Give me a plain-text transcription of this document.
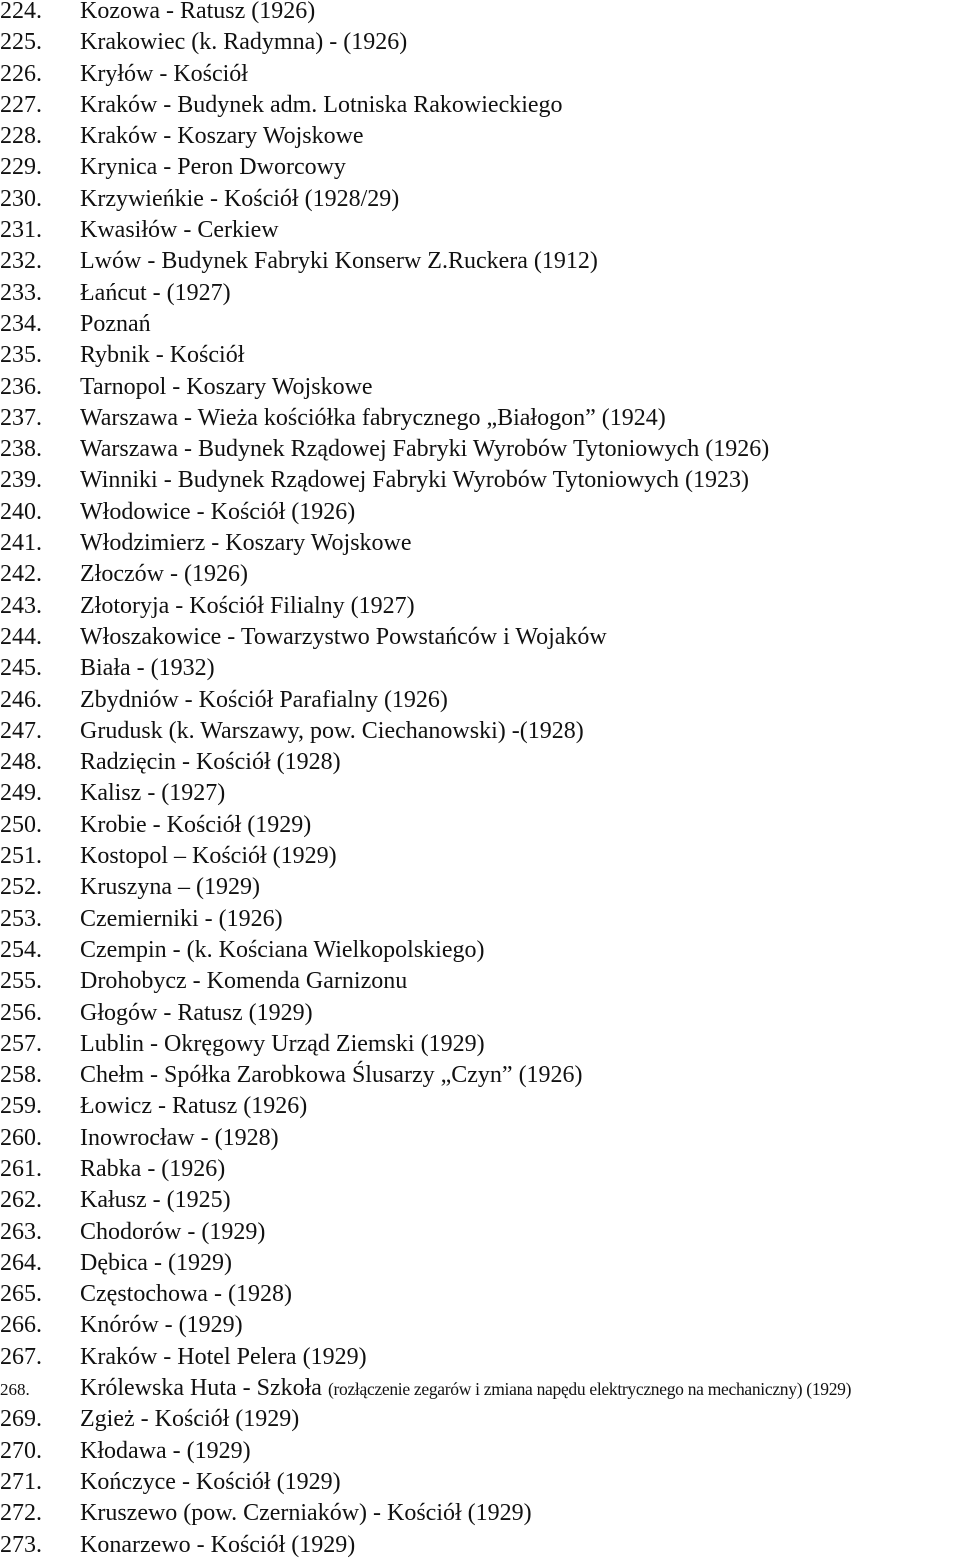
224.	Kozowa - Ratusz (1926)
225.	Krakowiec (k. Radymna) - (1926)
226.	Kryłów - Kościół
227.	Kraków - Budynek adm. Lotniska Rakowieckiego
228.	Kraków - Koszary Wojskowe
229.	Krynica - Peron Dworcowy
230.	Krzywieńkie - Kościół (1928/29)
231.	Kwasiłów - Cerkiew
232.	Lwów - Budynek Fabryki Konserw Z.Ruckera (1912)
233.	Łańcut - (1927)
234.	Poznań
235.	Rybnik - Kościół
236.	Tarnopol - Koszary Wojskowe
237.	Warszawa - Wieża kościółka fabrycznego „Białogon” (1924)
238.	Warszawa - Budynek Rządowej Fabryki Wyrobów Tytoniowych (1926)
239.	Winniki - Budynek Rządowej Fabryki Wyrobów Tytoniowych (1923)
240.	Włodowice - Kościół (1926)
241.	Włodzimierz - Koszary Wojskowe
242.	Złoczów - (1926)
243.	Złotoryja - Kościół Filialny (1927)
244.	Włoszakowice - Towarzystwo Powstańców i Wojaków
245.	Biała - (1932)
246.	Zbydniów - Kościół Parafialny (1926)
247.	Grudusk (k. Warszawy, pow. Ciechanowski) -(1928)
248.	Radzięcin - Kościół (1928)
249.	Kalisz - (1927)
250.	Krobie - Kościół (1929)
251.	Kostopol – Kościół (1929)
252.	Kruszyna – (1929)
253.	Czemierniki - (1926)
254.	Czempin - (k. Kościana Wielkopolskiego)
255.	Drohobycz - Komenda Garnizonu
256.	Głogów - Ratusz (1929)
257.	Lublin - Okręgowy Urząd Ziemski (1929)
258.	Chełm - Spółka Zarobkowa Ślusarzy „Czyn” (1926)
259.	Łowicz - Ratusz (1926)
260.	Inowrocław - (1928)
261.	Rabka - (1926)
262.	Kałusz - (1925)
263.	Chodorów - (1929)
264.	Dębica - (1929)
265.	Częstochowa - (1928)
266.	Knórów - (1929)
267.	Kraków - Hotel Pelera (1929)
268.	Królewska Huta - Szkoła (rozłączenie zegarów i zmiana napędu elektrycznego na mechaniczny) (1929)
269.	Zgież - Kościół (1929)
270.	Kłodawa - (1929)
271.	Kończyce - Kościół (1929)
272.	Kruszewo (pow. Czerniaków) - Kościół (1929)
273.	Konarzewo - Kościół (1929)
